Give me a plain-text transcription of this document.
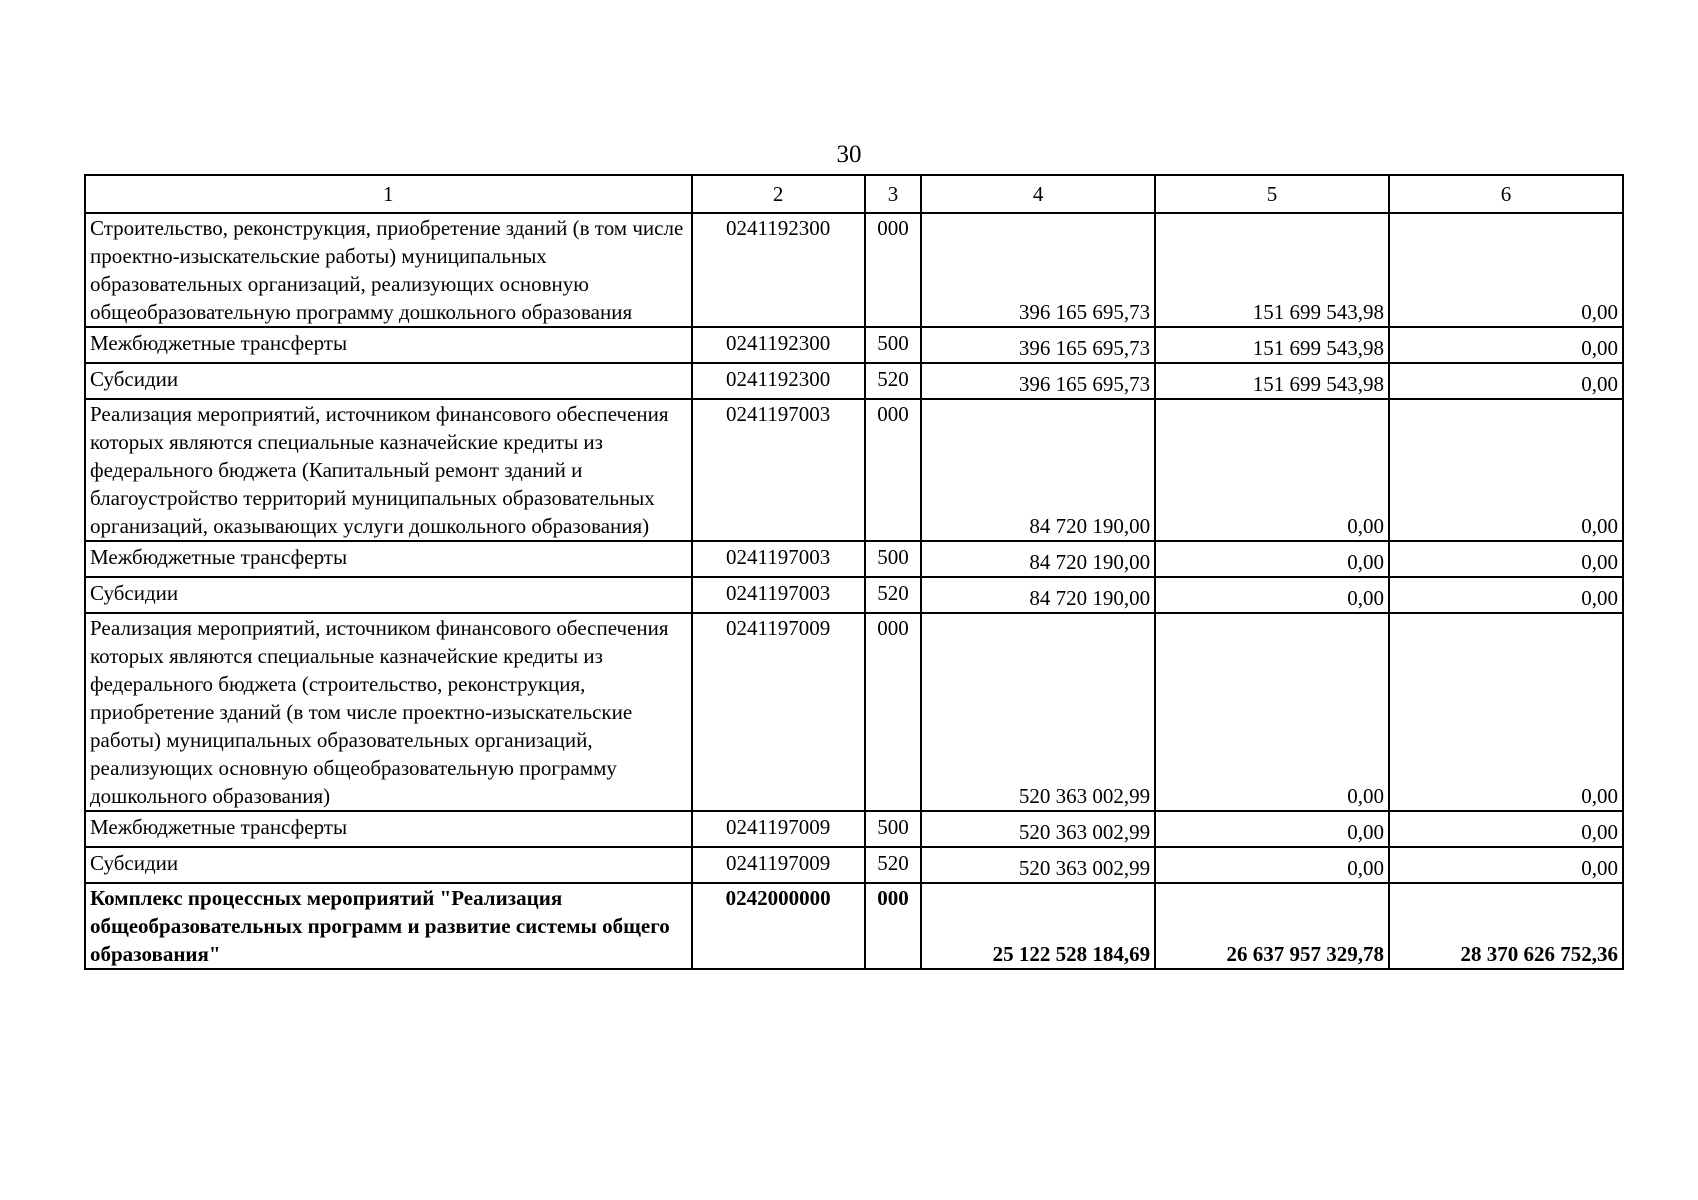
30
1	2	3	4	5	6
Строительство, реконструкция, приобретение зданий (в том числе проектно-изыскательские работы) муниципальных образовательных организаций, реализующих основную общеобразовательную программу дошкольного образования	0241192300	000	396 165 695,73	151 699 543,98	0,00
Межбюджетные трансферты	0241192300	500	396 165 695,73	151 699 543,98	0,00
Субсидии	0241192300	520	396 165 695,73	151 699 543,98	0,00
Реализация мероприятий, источником финансового обеспечения которых являются специальные казначейские кредиты из федерального бюджета (Капитальный ремонт зданий и благоустройство территорий муниципальных образовательных организаций, оказывающих услуги дошкольного образования)	0241197003	000	84 720 190,00	0,00	0,00
Межбюджетные трансферты	0241197003	500	84 720 190,00	0,00	0,00
Субсидии	0241197003	520	84 720 190,00	0,00	0,00
Реализация мероприятий, источником финансового обеспечения которых являются специальные казначейские кредиты из федерального бюджета (строительство, реконструкция, приобретение зданий (в том числе проектно-изыскательские работы) муниципальных образовательных организаций, реализующих основную общеобразовательную программу дошкольного образования)	0241197009	000	520 363 002,99	0,00	0,00
Межбюджетные трансферты	0241197009	500	520 363 002,99	0,00	0,00
Субсидии	0241197009	520	520 363 002,99	0,00	0,00
Комплекс процессных мероприятий "Реализация общеобразовательных программ и развитие системы общего образования"	0242000000	000	25 122 528 184,69	26 637 957 329,78	28 370 626 752,36
